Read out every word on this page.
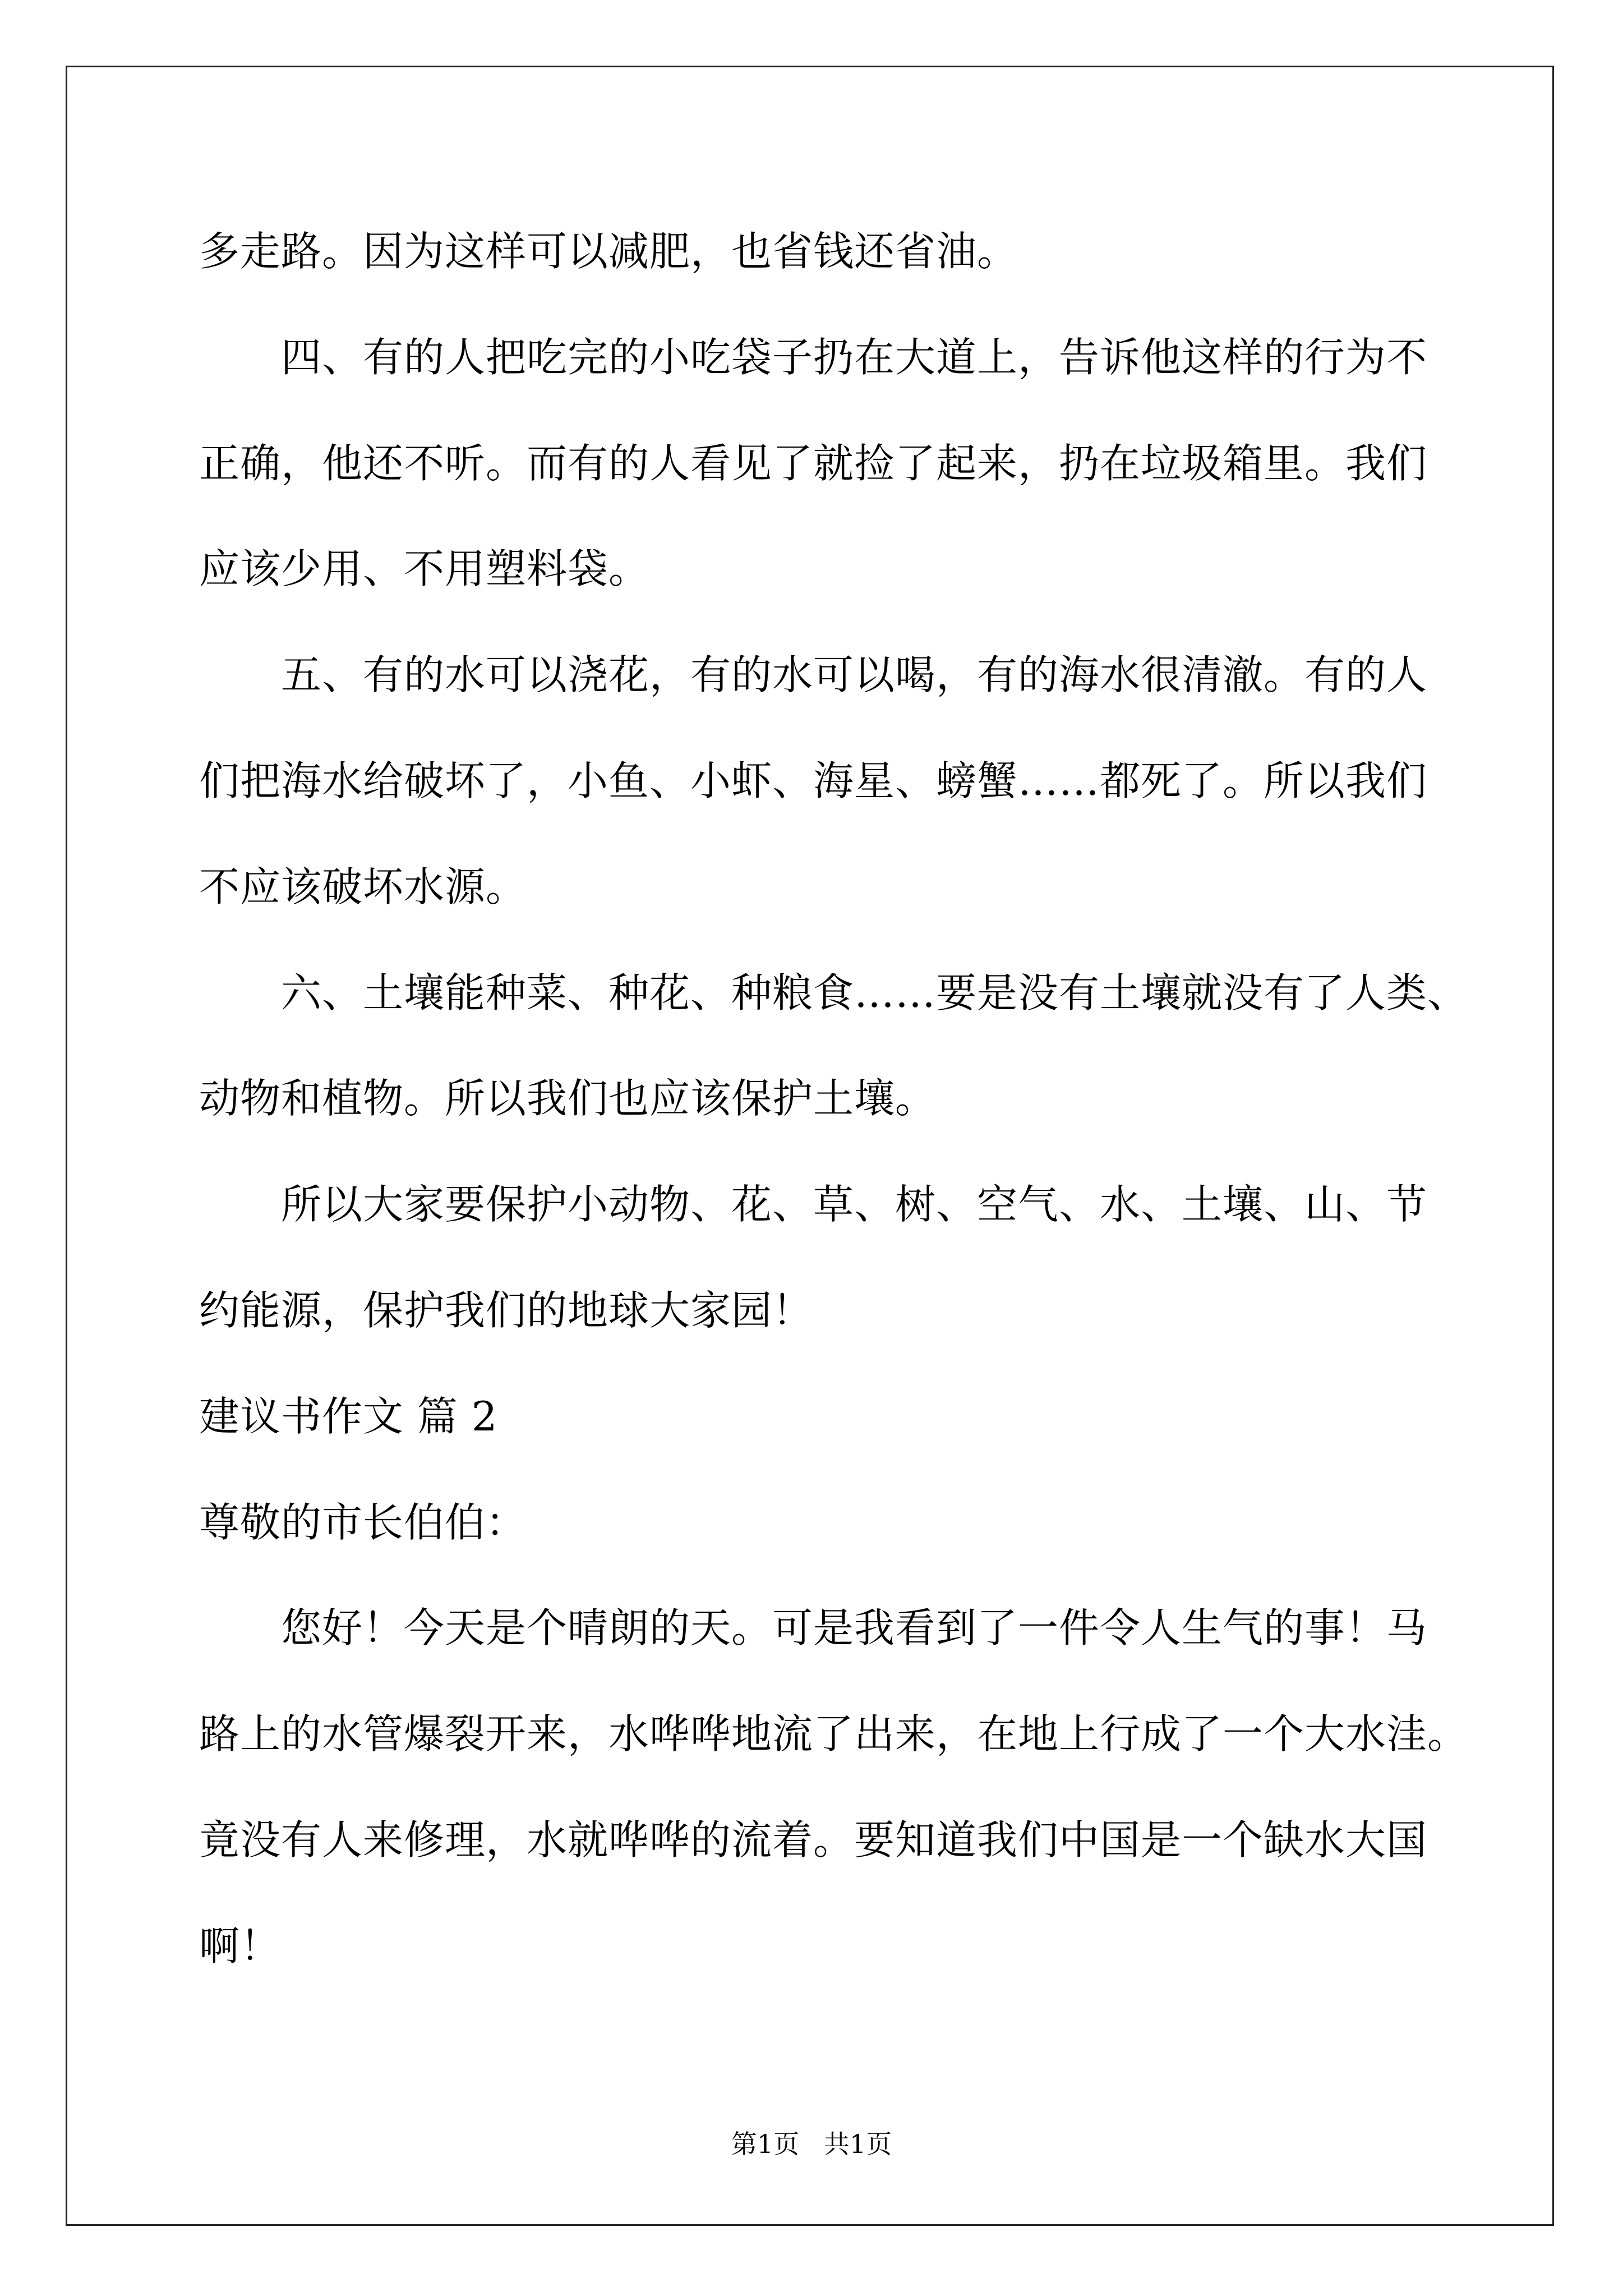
多走路。因为这样可以减肥，也省钱还省油。
四、有的人把吃完的小吃袋子扔在大道上，告诉他这样的行为不
正确，他还不听。而有的人看见了就捡了起来，扔在垃圾箱里。我们
应该少用、不用塑料袋。
五、有的水可以浇花，有的水可以喝，有的海水很清澈。有的人
们把海水给破坏了，小鱼、小虾、海星、螃蟹……都死了。所以我们
不应该破坏水源。
六、土壤能种菜、种花、种粮食……要是没有土壤就没有了人类、
动物和植物。所以我们也应该保护土壤。
所以大家要保护小动物、花、草、树、空气、水、土壤、山、节
约能源，保护我们的地球大家园！
建议书作文 篇 2
尊敬的市长伯伯：
您好！今天是个晴朗的天。可是我看到了一件令人生气的事！马
路上的水管爆裂开来，水哗哗地流了出来，在地上行成了一个大水洼。
竟没有人来修理，水就哗哗的流着。要知道我们中国是一个缺水大国
啊！
第1页   共1页
